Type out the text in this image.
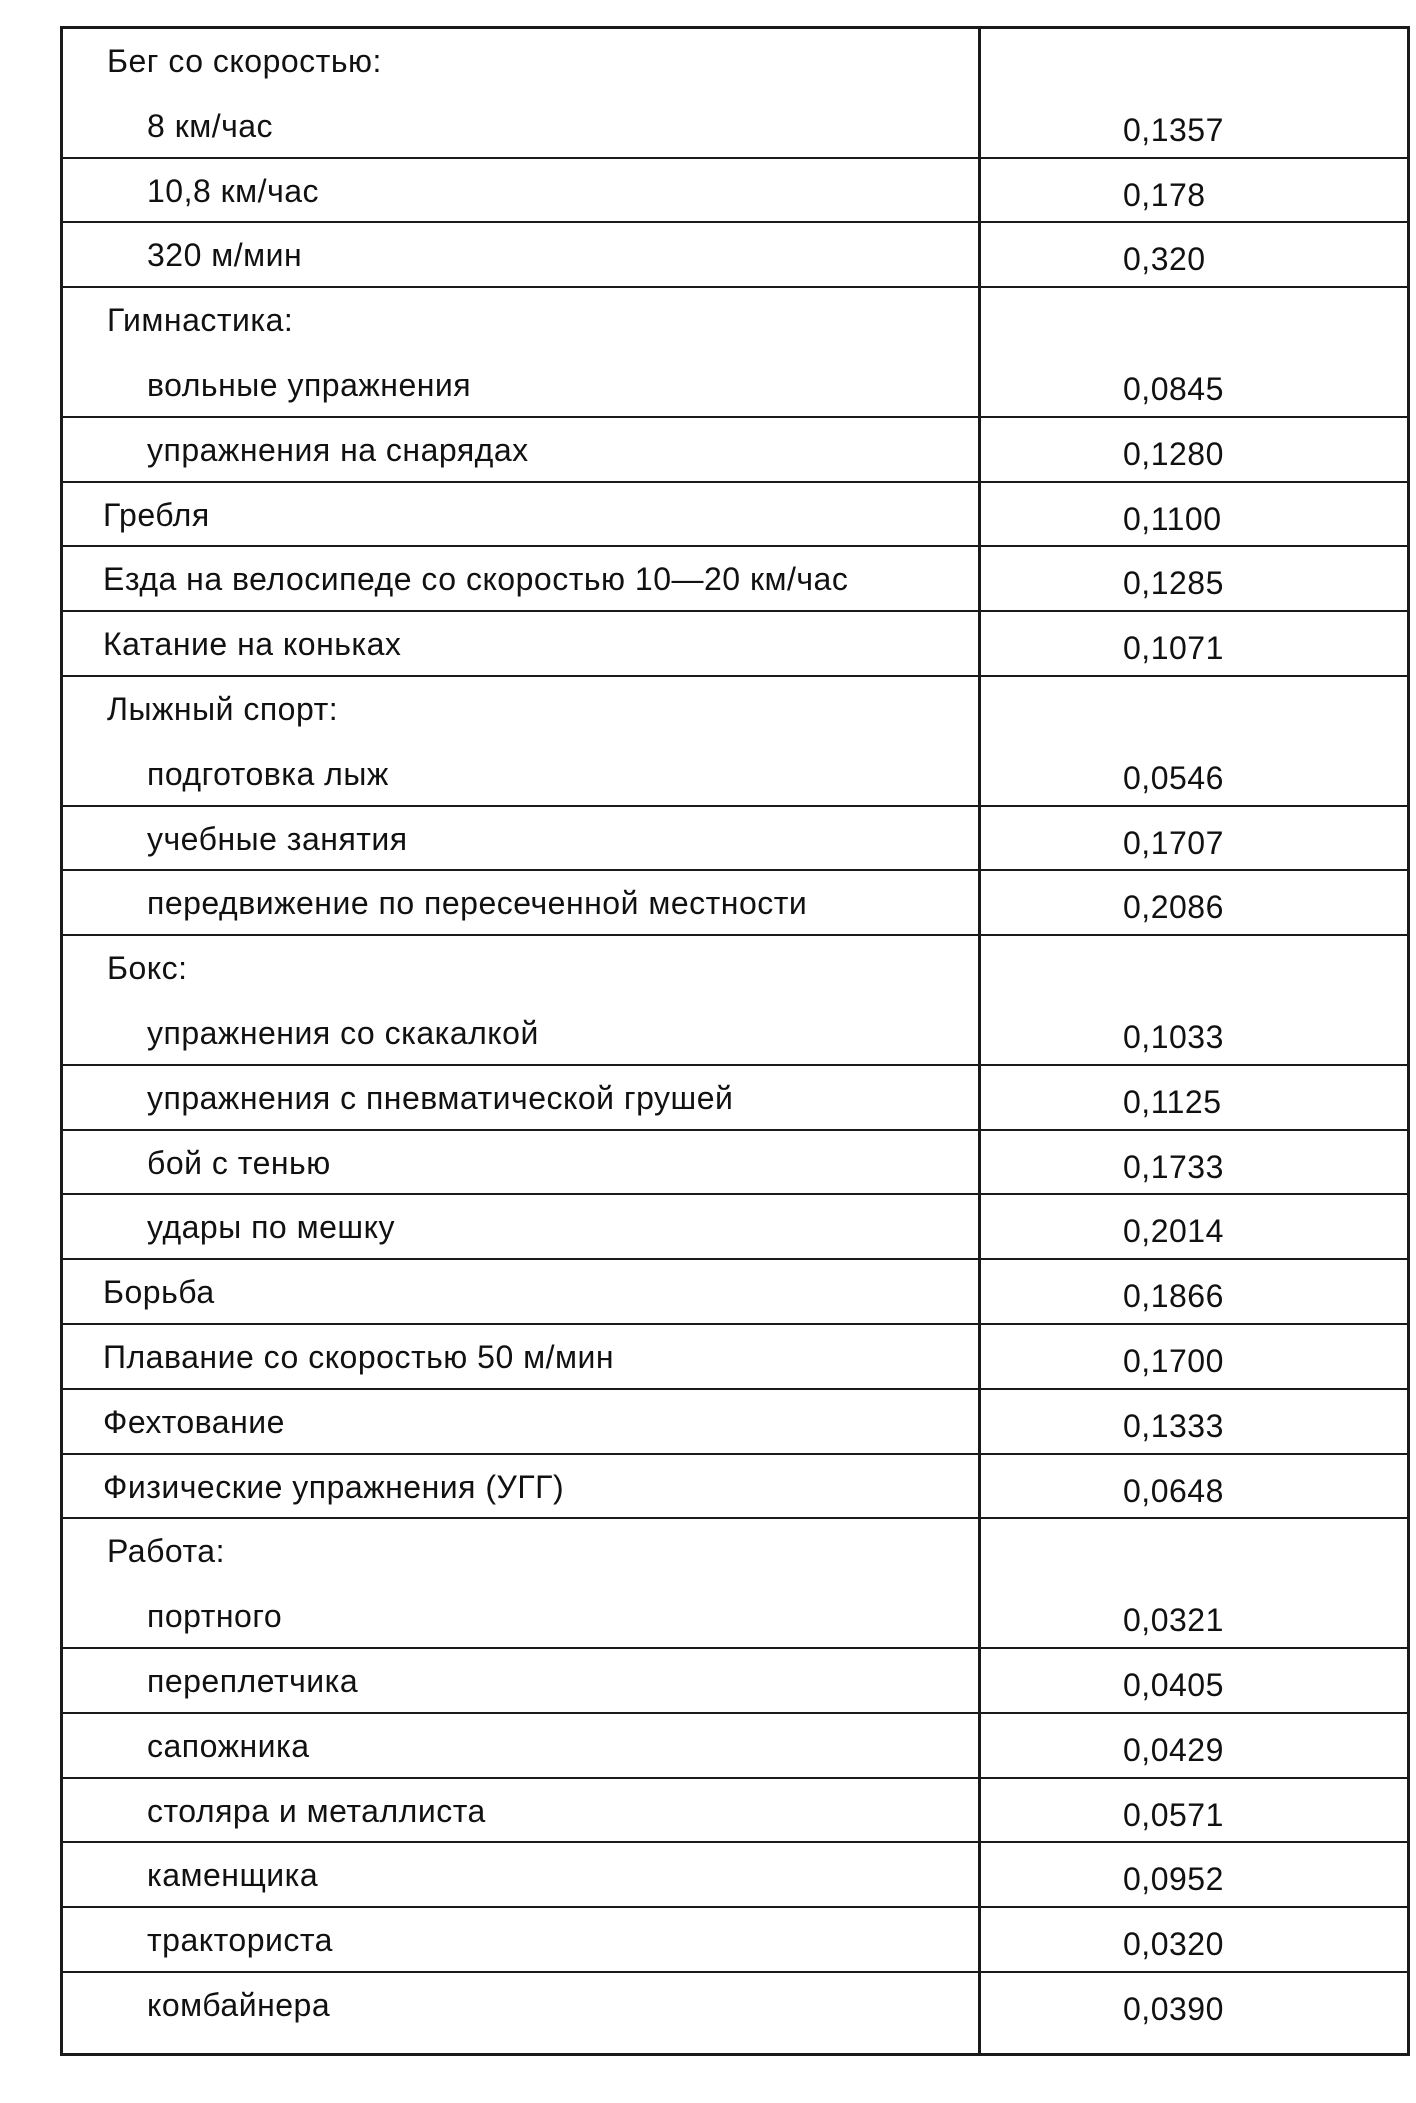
Бег со скоростью:
8 км/час	0,1357
10,8 км/час	0,178
320 м/мин	0,320
Гимнастика:
вольные упражнения	0,0845
упражнения на снарядах	0,1280
Гребля	0,1100
Езда на велосипеде со скоростью 10—20 км/час	0,1285
Катание на коньках	0,1071
Лыжный спорт:
подготовка лыж	0,0546
учебные занятия	0,1707
передвижение по пересеченной местности	0,2086
Бокс:
упражнения со скакалкой	0,1033
упражнения с пневматической грушей	0,1125
бой с тенью	0,1733
удары по мешку	0,2014
Борьба	0,1866
Плавание со скоростью 50 м/мин	0,1700
Фехтование	0,1333
Физические упражнения (УГГ)	0,0648
Работа:
портного	0,0321
переплетчика	0,0405
сапожника	0,0429
столяра и металлиста	0,0571
каменщика	0,0952
тракториста	0,0320
комбайнера	0,0390
